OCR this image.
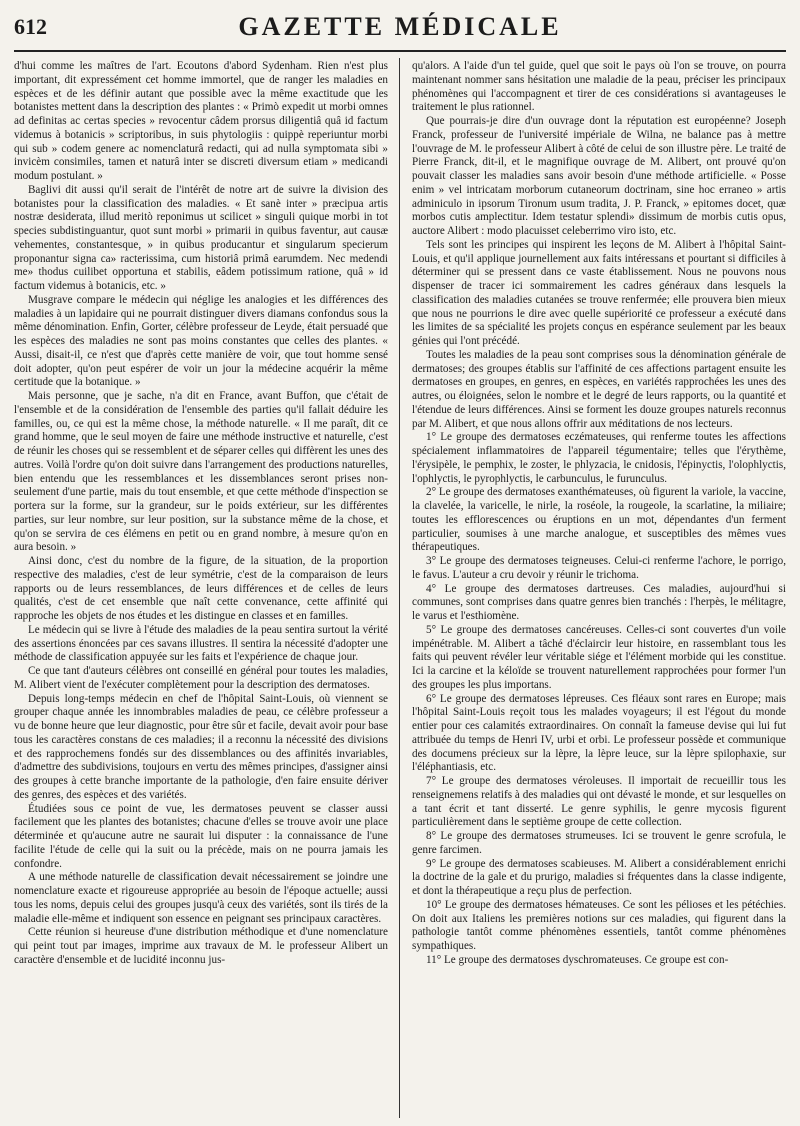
612	GAZETTE MÉDICALE

d'hui comme les maîtres de l'art. Ecoutons d'abord Sydenham. Rien n'est plus important, dit expressément cet homme immortel, que de ranger les maladies en espèces et de les définir autant que possible avec la même exactitude que les botanistes mettent dans la description des plantes : « Primò expedit ut morbi omnes ad definitas ac certas species » revocentur câdem prorsus diligentiâ quâ id factum videmus à botanicis » scriptoribus, in suis phytologiis : quippè reperiuntur morbi qui sub » codem genere ac nomenclaturâ redacti, qui ad nulla symptomata sibi » invicèm consimiles, tamen et naturâ inter se discreti diversum etiam » medicandi modum postulant. »

Baglivi dit aussi qu'il serait de l'intérêt de notre art de suivre la division des botanistes pour la classification des maladies. « Et sanè inter » præcipua artis nostræ desiderata, illud meritò reponimus ut scilicet » singuli quique morbi in tot species subdistinguantur, quot sunt morbi » primarii in quibus faventur, aut causæ vehementes, constantesque, » in quibus producantur et singularum specierum proponantur signa ca» racterissima, cum historiâ primâ earumdem. Nec medendi me» thodus cuilibet opportuna et stabilis, eâdem potissimum ratione, quâ » id factum videmus à botanicis, etc. »

Musgrave compare le médecin qui néglige les analogies et les différences des maladies à un lapidaire qui ne pourrait distinguer divers diamans confondus sous la même dénomination. Enfin, Gorter, célèbre professeur de Leyde, était persuadé que les espèces des maladies ne sont pas moins constantes que celles des plantes. « Aussi, disait-il, ce n'est que d'après cette manière de voir, que tout homme sensé doit adopter, qu'on peut espérer de voir un jour la médecine acquérir la même certitude que la botanique. »

Mais personne, que je sache, n'a dit en France, avant Buffon, que c'était de l'ensemble et de la considération de l'ensemble des parties qu'il fallait déduire les familles, ou, ce qui est la même chose, la méthode naturelle. « Il me paraît, dit ce grand homme, que le seul moyen de faire une méthode instructive et naturelle, c'est de réunir les choses qui se ressemblent et de séparer celles qui diffèrent les unes des autres. Voilà l'ordre qu'on doit suivre dans l'arrangement des productions naturelles, bien entendu que les ressemblances et les dissemblances seront prises non-seulement d'une partie, mais du tout ensemble, et que cette méthode d'inspection se portera sur la forme, sur la grandeur, sur le poids extérieur, sur les différentes parties, sur leur nombre, sur leur position, sur la substance même de la chose, et qu'on se servira de ces élémens en petit ou en grand nombre, à mesure qu'on en aura besoin. »

Ainsi donc, c'est du nombre de la figure, de la situation, de la proportion respective des maladies, c'est de leur symétrie, c'est de la comparaison de leurs rapports ou de leurs ressemblances, de leurs différences et de celles de leurs qualités, c'est de cet ensemble que naît cette convenance, cette affinité qui rapproche les objets de nos études et les distingue en classes et en familles.

Le médecin qui se livre à l'étude des maladies de la peau sentira surtout la vérité des assertions énoncées par ces savans illustres. Il sentira la nécessité d'adopter une méthode de classification appuyée sur les faits et l'expérience de chaque jour.

Ce que tant d'auteurs célèbres ont conseillé en général pour toutes les maladies, M. Alibert vient de l'exécuter complètement pour la description des dermatoses.

Depuis long-temps médecin en chef de l'hôpital Saint-Louis, où viennent se grouper chaque année les innombrables maladies de peau, ce célèbre professeur a vu de bonne heure que leur diagnostic, pour être sûr et facile, devait avoir pour base tous les caractères constans de ces maladies; il a reconnu la nécessité des divisions et des rapprochemens fondés sur des dissemblances ou des affinités invariables, d'admettre des subdivisions, toujours en vertu des mêmes principes, d'assigner ainsi des groupes à cette branche importante de la pathologie, d'en faire ensuite dériver des genres, des espèces et des variétés.

Étudiées sous ce point de vue, les dermatoses peuvent se classer aussi facilement que les plantes des botanistes; chacune d'elles se trouve avoir une place déterminée et qu'aucune autre ne saurait lui disputer : la connaissance de l'une facilite l'étude de celle qui la suit ou la précède, mais on ne pourra jamais les confondre.

A une méthode naturelle de classification devait nécessairement se joindre une nomenclature exacte et rigoureuse appropriée au besoin de l'époque actuelle; aussi tous les noms, depuis celui des groupes jusqu'à ceux des variétés, sont ils tirés de la maladie elle-même et indiquent son essence en peignant ses principaux caractères.

Cette réunion si heureuse d'une distribution méthodique et d'une nomenclature qui peint tout par images, imprime aux travaux de M. le professeur Alibert un caractère d'ensemble et de lucidité inconnu jus-

qu'alors. A l'aide d'un tel guide, quel que soit le pays où l'on se trouve, on pourra maintenant nommer sans hésitation une maladie de la peau, préciser les principaux phénomènes qui l'accompagnent et tirer de ces considérations si avantageuses le traitement le plus rationnel.

Que pourrais-je dire d'un ouvrage dont la réputation est européenne? Joseph Franck, professeur de l'université impériale de Wilna, ne balance pas à mettre l'ouvrage de M. le professeur Alibert à côté de celui de son illustre père. Le traité de Pierre Franck, dit-il, et le magnifique ouvrage de M. Alibert, ont prouvé qu'on pouvait classer les maladies sans avoir besoin d'une méthode artificielle. « Posse enim » vel intricatam morborum cutaneorum doctrinam, sine hoc erraneo » artis adminiculo in ipsorum Tironum usum tradita, J. P. Franck, » epitomes docet, quæ morbos cutis amplectitur. Idem testatur splendi» dissimum de morbis cutis opus, auctore Alibert : modo placuisset celeberrimo viro isto, etc.

Tels sont les principes qui inspirent les leçons de M. Alibert à l'hôpital Saint-Louis, et qu'il applique journellement aux faits intéressans et pourtant si difficiles à déterminer qui se pressent dans ce vaste établissement. Nous ne pouvons nous dispenser de tracer ici sommairement les cadres généraux dans lesquels la classification des maladies cutanées se trouve renfermée; elle prouvera bien mieux que nous ne pourrions le dire avec quelle supériorité ce professeur a exécuté dans les limites de sa spécialité les projets conçus en espérance seulement par les beaux génies qui l'ont précédé.

Toutes les maladies de la peau sont comprises sous la dénomination générale de dermatoses; des groupes établis sur l'affinité de ces affections partagent ensuite les dermatoses en groupes, en genres, en espèces, en variétés rapprochées les unes des autres, ou éloignées, selon le nombre et le degré de leurs rapports, ou la quantité et l'étendue de leurs différences. Ainsi se forment les douze groupes naturels reconnus par M. Alibert, et que nous allons offrir aux méditations de nos lecteurs.

1° Le groupe des dermatoses eczémateuses, qui renferme toutes les affections spécialement inflammatoires de l'appareil tégumentaire; telles que l'érythème, l'érysipèle, le pemphix, le zoster, le phlyzacia, le cnidosis, l'épinyctis, l'olophlyctis, l'ophlyctis, le pyrophlyctis, le carbunculus, le furunculus.

2° Le groupe des dermatoses exanthémateuses, où figurent la variole, la vaccine, la clavelée, la varicelle, le nirle, la roséole, la rougeole, la scarlatine, la miliaire; toutes les efflorescences ou éruptions en un mot, dépendantes d'un ferment particulier, soumises à une marche analogue, et susceptibles des mêmes vues thérapeutiques.

3° Le groupe des dermatoses teigneuses. Celui-ci renferme l'achore, le porrigo, le favus. L'auteur a cru devoir y réunir le trichoma.

4° Le groupe des dermatoses dartreuses. Ces maladies, aujourd'hui si communes, sont comprises dans quatre genres bien tranchés : l'herpès, le mélitagre, le varus et l'esthiomène.

5° Le groupe des dermatoses cancéreuses. Celles-ci sont couvertes d'un voile impénétrable. M. Alibert a tâché d'éclaircir leur histoire, en rassemblant tous les faits qui peuvent révéler leur véritable siége et l'élément morbide qui les constitue. Ici la carcine et la kéloïde se trouvent naturellement rapprochées pour former l'un des groupes les plus importans.

6° Le groupe des dermatoses lépreuses. Ces fléaux sont rares en Europe; mais l'hôpital Saint-Louis reçoit tous les malades voyageurs; il est l'égout du monde entier pour ces calamités extraordinaires. On connaît la fameuse devise qui lui fut attribuée du temps de Henri IV, urbi et orbi. Le professeur possède et communique des documens précieux sur la lèpre, la lèpre leuce, sur la lèpre spilophaxie, sur l'éléphantiasis, etc.

7° Le groupe des dermatoses véroleuses. Il importait de recueillir tous les renseignemens relatifs à des maladies qui ont dévasté le monde, et sur lesquelles on a tant écrit et tant disserté. Le genre syphilis, le genre mycosis figurent particulièrement dans le septième groupe de cette collection.

8° Le groupe des dermatoses strumeuses. Ici se trouvent le genre scrofula, le genre farcimen.

9° Le groupe des dermatoses scabieuses. M. Alibert a considérablement enrichi la doctrine de la gale et du prurigo, maladies si fréquentes dans la classe indigente, et dont la thérapeutique a reçu plus de perfection.

10° Le groupe des dermatoses hémateuses. Ce sont les pélioses et les pétéchies. On doit aux Italiens les premières notions sur ces maladies, qui figurent dans la pathologie tantôt comme phénomènes essentiels, tantôt comme phénomènes sympathiques.

11° Le groupe des dermatoses dyschromateuses. Ce groupe est con-
